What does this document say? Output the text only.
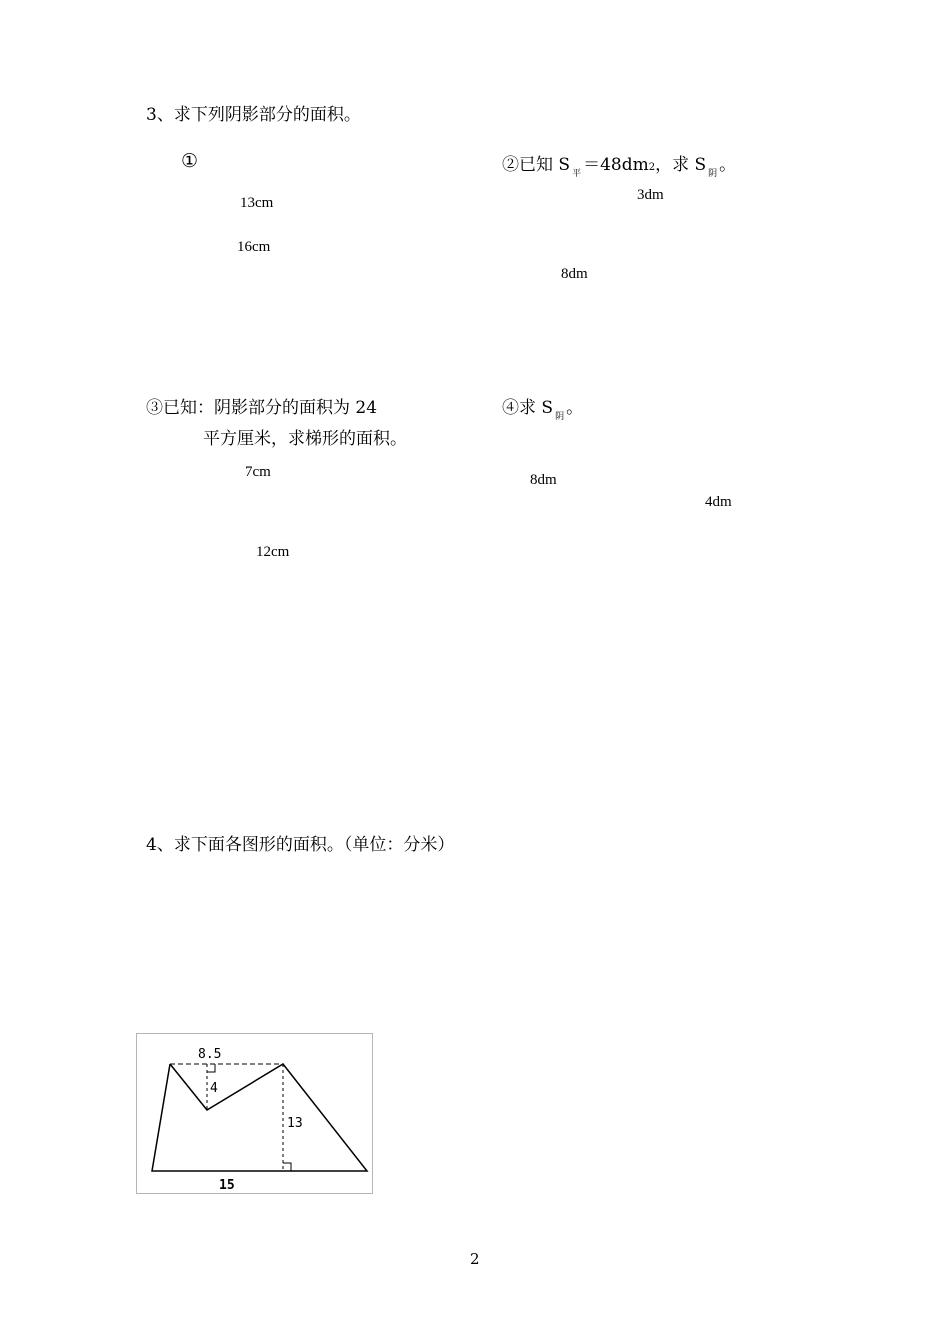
3、求下列阴影部分的面积。
①
13cm
16cm
②已知 S 平 ＝48dm2，求 S 阴 。
3dm
8dm
③已知：阴影部分的面积为 24
平方厘米，求梯形的面积。
7cm
12cm
④求 S 阴 。
8dm
4dm
4、求下面各图形的面积。（单位：分米）
8.5
4
13
15
2
